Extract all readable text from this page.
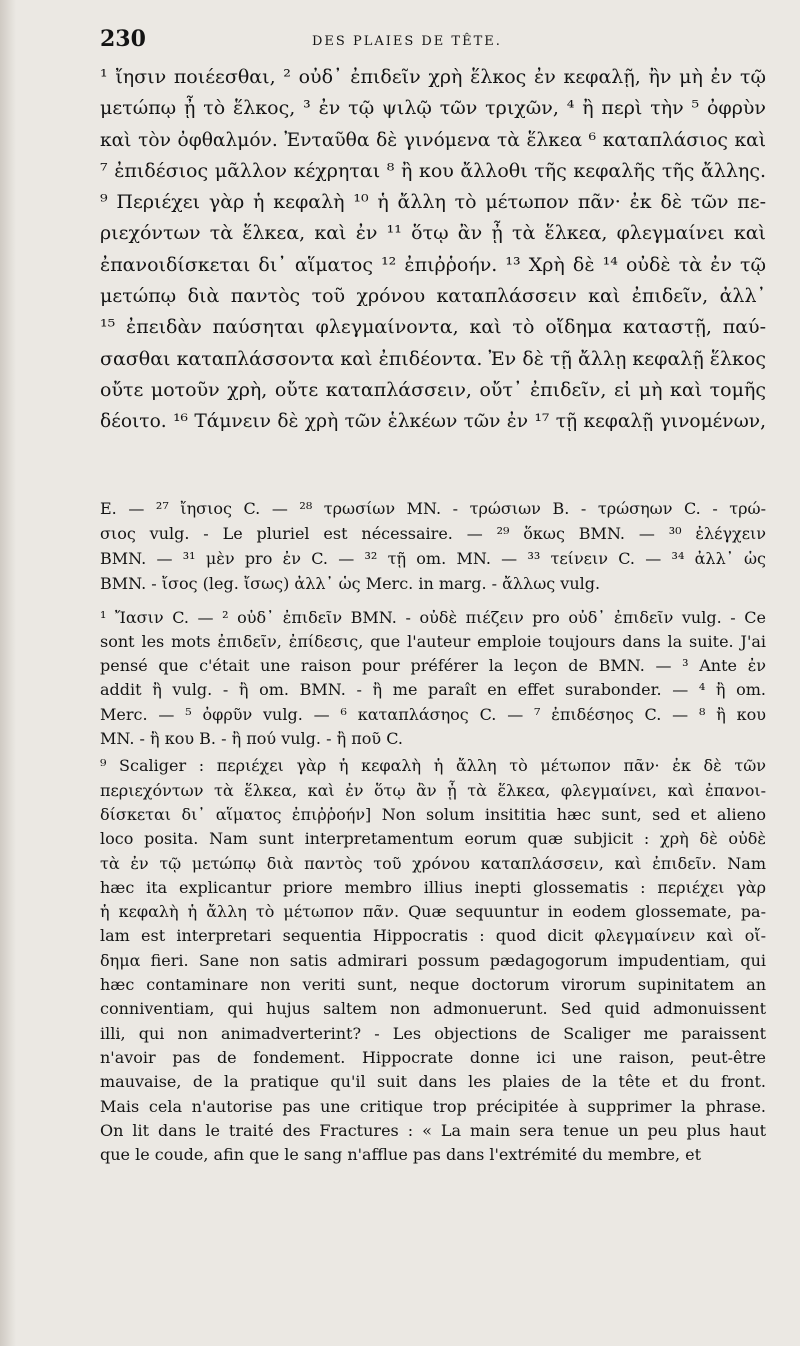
230	DES PLAIES DE TÊTE.
¹ ἴησιν ποιέεσθαι, ² οὐδ᾽ ἐπιδεῖν χρὴ ἕλκος ἐν κεφαλῇ, ἢν μὴ ἐν τῷ
μετώπῳ ᾖ τὸ ἕλκος, ³ ἐν τῷ ψιλῷ τῶν τριχῶν, ⁴ ἢ περὶ τὴν ⁵ ὀφρὺν
καὶ τὸν ὀφθαλμόν. Ἐνταῦθα δὲ γινόμενα τὰ ἕλκεα ⁶ καταπλάσιος καὶ
⁷ ἐπιδέσιος μᾶλλον κέχρηται ⁸ ἢ κου ἄλλοθι τῆς κεφαλῆς τῆς ἄλλης.
⁹ Περιέχει γὰρ ἡ κεφαλὴ ¹⁰ ἡ ἄλλη τὸ μέτωπον πᾶν· ἐκ δὲ τῶν πε-
ριεχόντων τὰ ἕλκεα, καὶ ἐν ¹¹ ὅτῳ ἂν ᾖ τὰ ἕλκεα, φλεγμαίνει καὶ
ἐπανοιδίσκεται δι᾽ αἵματος ¹² ἐπιῤῥοήν. ¹³ Χρὴ δὲ ¹⁴ οὐδὲ τὰ ἐν τῷ
μετώπῳ διὰ παντὸς τοῦ χρόνου καταπλάσσειν καὶ ἐπιδεῖν, ἀλλ᾽
¹⁵ ἐπειδὰν παύσηται φλεγμαίνοντα, καὶ τὸ οἴδημα καταστῇ, παύ-
σασθαι καταπλάσσοντα καὶ ἐπιδέοντα. Ἐν δὲ τῇ ἄλλῃ κεφαλῇ ἕλκος
οὔτε μοτοῦν χρὴ, οὔτε καταπλάσσειν, οὔτ᾽ ἐπιδεῖν, εἰ μὴ καὶ τομῆς
δέοιτο. ¹⁶ Τάμνειν δὲ χρὴ τῶν ἑλκέων τῶν ἐν ¹⁷ τῇ κεφαλῇ γινομένων,
E. — ²⁷ ἴησιος C. — ²⁸ τρωσίων MN. - τρώσιων B. - τρώσηων C. - τρώ-
σιος vulg. - Le pluriel est nécessaire. — ²⁹ ὅκως BMN. — ³⁰ ἐλέγχειν
BMN. — ³¹ μὲν pro ἐν C. — ³² τῇ om. MN. — ³³ τείνειν C. — ³⁴ ἀλλ᾽ ὡς
BMN. - ἴσος (leg. ἴσως) ἀλλ᾽ ὡς Merc. in marg. - ἄλλως vulg.
¹ Ἴασιν C. — ² οὐδ᾽ ἐπιδεῖν BMN. - οὐδὲ πιέζειν pro οὐδ᾽ ἐπιδεῖν vulg. - Ce
sont les mots ἐπιδεῖν, ἐπίδεσις, que l'auteur emploie toujours dans la suite. J'ai
pensé que c'était une raison pour préférer la leçon de BMN. — ³ Ante ἐν
addit ἢ vulg. - ἢ om. BMN. - ἢ me paraît en effet surabonder. — ⁴ ἢ om.
Merc. — ⁵ ὀφρῦν vulg. — ⁶ καταπλάσηος C. — ⁷ ἐπιδέσηος C. — ⁸ ἢ κου
MN. - ἢ κου B. - ἢ πού vulg. - ἢ ποῦ C.
⁹ Scaliger : περιέχει γὰρ ἡ κεφαλὴ ἡ ἄλλη τὸ μέτωπον πᾶν· ἐκ δὲ τῶν
περιεχόντων τὰ ἕλκεα, καὶ ἐν ὅτῳ ἂν ᾖ τὰ ἕλκεα, φλεγμαίνει, καὶ ἐπανοι-
δίσκεται δι᾽ αἵματος ἐπιῤῥοήν] Non solum insititia hæc sunt, sed et alieno
loco posita. Nam sunt interpretamentum eorum quæ subjicit : χρὴ δὲ οὐδὲ
τὰ ἐν τῷ μετώπῳ διὰ παντὸς τοῦ χρόνου καταπλάσσειν, καὶ ἐπιδεῖν. Nam
hæc ita explicantur priore membro illius inepti glossematis : περιέχει γὰρ
ἡ κεφαλὴ ἡ ἄλλη τὸ μέτωπον πᾶν. Quæ sequuntur in eodem glossemate, pa-
lam est interpretari sequentia Hippocratis : quod dicit φλεγμαίνειν καὶ οἴ-
δημα fieri. Sane non satis admirari possum pædagogorum impudentiam, qui
hæc contaminare non veriti sunt, neque doctorum virorum supinitatem an
conniventiam, qui hujus saltem non admonuerunt. Sed quid admonuissent
illi, qui non animadverterint? - Les objections de Scaliger me paraissent
n'avoir pas de fondement. Hippocrate donne ici une raison, peut-être
mauvaise, de la pratique qu'il suit dans les plaies de la tête et du front.
Mais cela n'autorise pas une critique trop précipitée à supprimer la phrase.
On lit dans le traité des Fractures : « La main sera tenue un peu plus haut
que le coude, afin que le sang n'afflue pas dans l'extrémité du membre, et
